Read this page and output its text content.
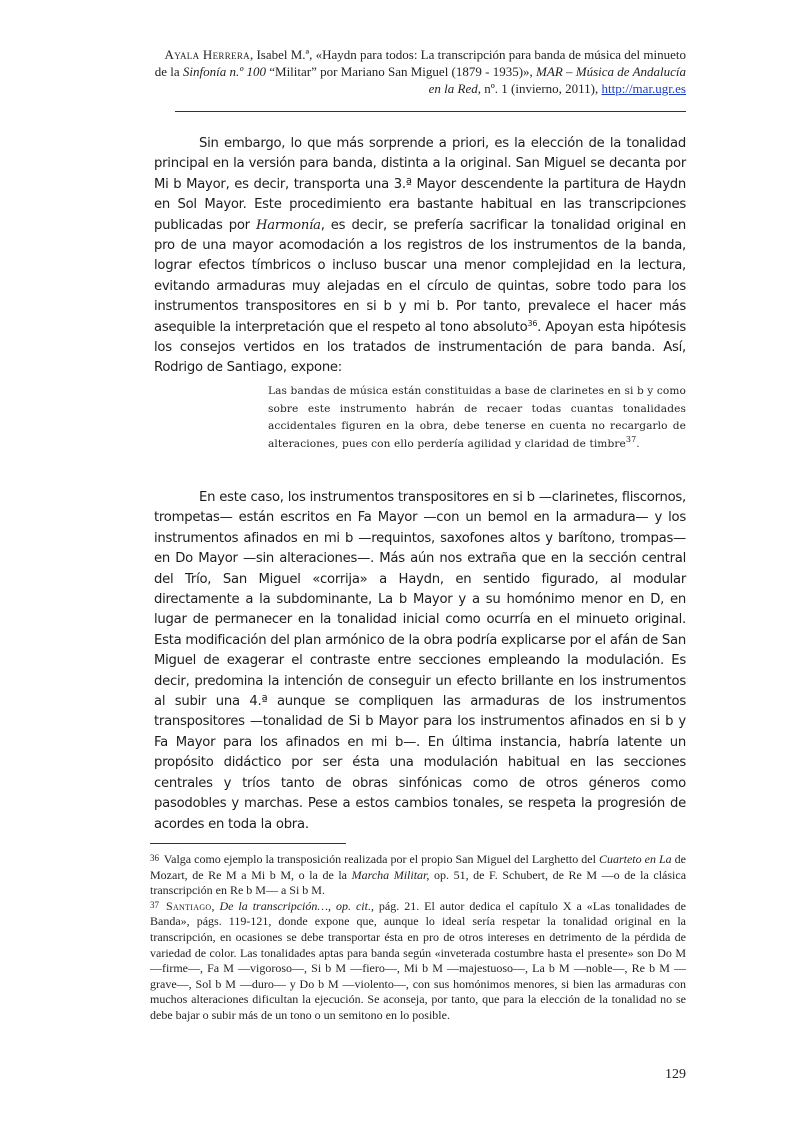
Ayala Herrera, Isabel M.ª, «Haydn para todos: La transcripción para banda de música del minueto de la Sinfonía n.º 100 “Militar” por Mariano San Miguel (1879 - 1935)», MAR – Música de Andalucía en la Red, nº. 1 (invierno, 2011), http://mar.ugr.es

Sin embargo, lo que más sorprende a priori, es la elección de la tonalidad principal en la versión para banda, distinta a la original. San Miguel se decanta por Mi b Mayor, es decir, transporta una 3.ª Mayor descendente la partitura de Haydn en Sol Mayor. Este procedimiento era bastante habitual en las transcripciones publicadas por Harmonía, es decir, se prefería sacrificar la tonalidad original en pro de una mayor acomodación a los registros de los instrumentos de la banda, lograr efectos tímbricos o incluso buscar una menor complejidad en la lectura, evitando armaduras muy alejadas en el círculo de quintas, sobre todo para los instrumentos transpositores en si b y mi b. Por tanto, prevalece el hacer más asequible la interpretación que el respeto al tono absoluto$^{36}$. Apoyan esta hipótesis los consejos vertidos en los tratados de instrumentación de para banda. Así, Rodrigo de Santiago, expone:

Las bandas de música están constituidas a base de clarinetes en si b y como sobre este instrumento habrán de recaer todas cuantas tonalidades accidentales figuren en la obra, debe tenerse en cuenta no recargarlo de alteraciones, pues con ello perdería agilidad y claridad de timbre$^{37}$.

En este caso, los instrumentos transpositores en si b —clarinetes, fliscornos, trompetas— están escritos en Fa Mayor —con un bemol en la armadura— y los instrumentos afinados en mi b —requintos, saxofones altos y barítono, trompas— en Do Mayor —sin alteraciones—. Más aún nos extraña que en la sección central del Trío, San Miguel «corrija» a Haydn, en sentido figurado, al modular directamente a la subdominante, La b Mayor y a su homónimo menor en D, en lugar de permanecer en la tonalidad inicial como ocurría en el minueto original. Esta modificación del plan armónico de la obra podría explicarse por el afán de San Miguel de exagerar el contraste entre secciones empleando la modulación. Es decir, predomina la intención de conseguir un efecto brillante en los instrumentos al subir una 4.ª aunque se compliquen las armaduras de los instrumentos transpositores —tonalidad de Si b Mayor para los instrumentos afinados en si b y Fa Mayor para los afinados en mi b—. En última instancia, habría latente un propósito didáctico por ser ésta una modulación habitual en las secciones centrales y tríos tanto de obras sinfónicas como de otros géneros como pasodobles y marchas. Pese a estos cambios tonales, se respeta la progresión de acordes en toda la obra.

36 Valga como ejemplo la transposición realizada por el propio San Miguel del Larghetto del Cuarteto en La de Mozart, de Re M a Mi b M, o la de la Marcha Militar, op. 51, de F. Schubert, de Re M —o de la clásica transcripción en Re b M— a Si b M.

37 Santiago, De la transcripción…, op. cit., pág. 21. El autor dedica el capítulo X a «Las tonalidades de Banda», págs. 119-121, donde expone que, aunque lo ideal sería respetar la tonalidad original en la transcripción, en ocasiones se debe transportar ésta en pro de otros intereses en detrimento de la pérdida de variedad de color. Las tonalidades aptas para banda según «inveterada costumbre hasta el presente» son Do M —firme—, Fa M —vigoroso—, Si b M —fiero—, Mi b M —majestuoso—, La b M —noble—, Re b M —grave—, Sol b M —duro— y Do b M —violento—, con sus homónimos menores, si bien las armaduras con muchos alteraciones dificultan la ejecución. Se aconseja, por tanto, que para la elección de la tonalidad no se debe bajar o subir más de un tono o un semitono en lo posible.

129
